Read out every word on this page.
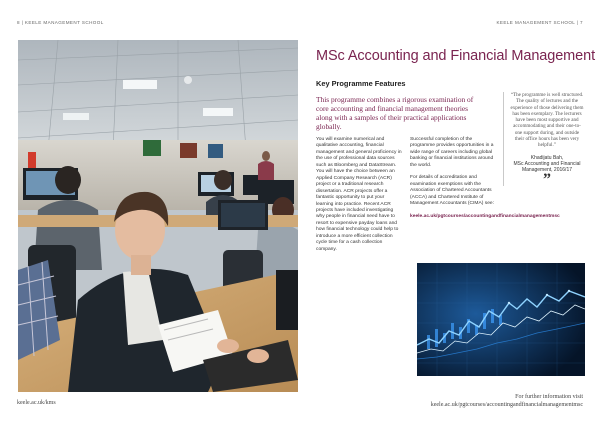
8 | KEELE MANAGEMENT SCHOOL
keele.ac.uk/kms
KEELE MANAGEMENT SCHOOL | 7
MSc Accounting and Financial Management
Key Programme Features

This programme combines a rigorous examination of core accounting and financial management theories along with a samples of their practical applications globally.

You will examine numerical and qualitative accounting, financial management and general proficiency in the use of professional data sources such as Bloomberg and DataStream. You will have the choice between an Applied Company Research (ACR) project or a traditional research dissertation. ACR projects offer a fantastic opportunity to put your learning into practice. Recent ACR projects have included investigating why people in financial need have to resort to expensive payday loans and how financial technology could help to introduce a more efficient collection cycle time for a cash collection company.

Successful completion of the programme provides opportunities in a wide range of careers including global banking or financial institutions around the world.

For details of accreditation and examination exemptions with the Association of Chartered Accountants (ACCA) and Chartered Institute of Management Accountants (CIMA) see:

keele.ac.uk/pgtcourses/accountingandfinancialmanagementmsc

“The programme is well structured. The quality of lectures and the experience of those delivering them has been exemplary. The lecturers have been most supportive and accommodating and their one-to-one support during, and outside their office hours has been very helpful.”
Khadijatu Bah,
MSc Accounting and Financial Management, 2016/17
”
For further information visit
keele.ac.uk/pgtcourses/accountingandfinancialmanagementmsc
